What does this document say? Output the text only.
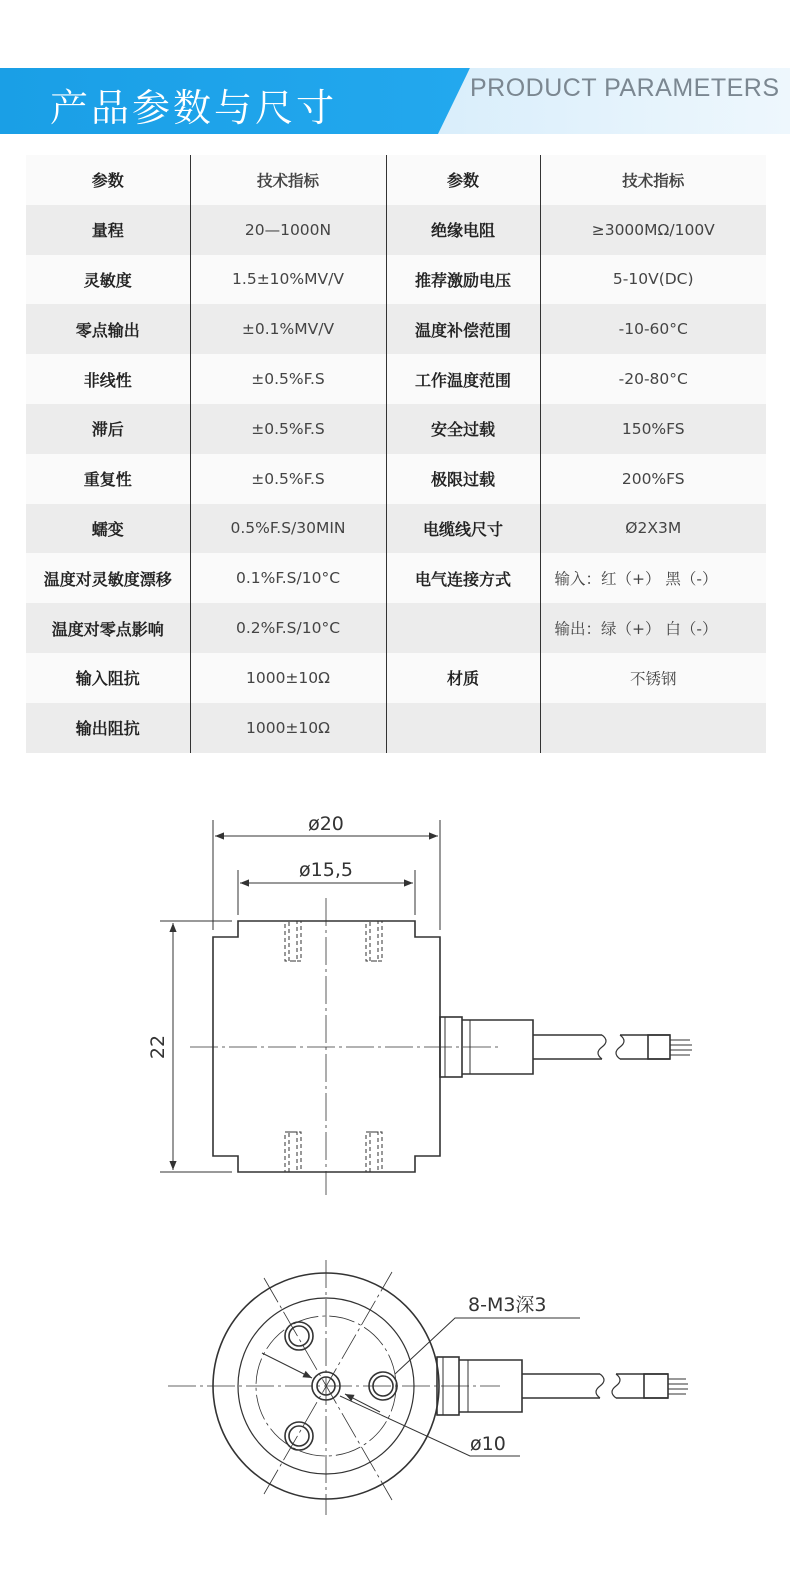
产品参数与尺寸	PRODUCT PARAMETERS
参数	技术指标	参数	技术指标
量程	20—1000N	绝缘电阻	≥3000MΩ/100V
灵敏度	1.5±10%MV/V	推荐激励电压	5-10V(DC)
零点输出	±0.1%MV/V	温度补偿范围	-10-60°C
非线性	±0.5%F.S	工作温度范围	-20-80°C
滞后	±0.5%F.S	安全过载	150%FS
重复性	±0.5%F.S	极限过载	200%FS
蠕变	0.5%F.S/30MIN	电缆线尺寸	Ø2X3M
温度对灵敏度漂移	0.1%F.S/10°C	电气连接方式	输入：红（+） 黑（-）
温度对零点影响	0.2%F.S/10°C		输出：绿（+） 白（-）
输入阻抗	1000±10Ω	材质	不锈钢
输出阻抗	1000±10Ω		
ø20
ø15,5
22
8-M3深3
ø10
